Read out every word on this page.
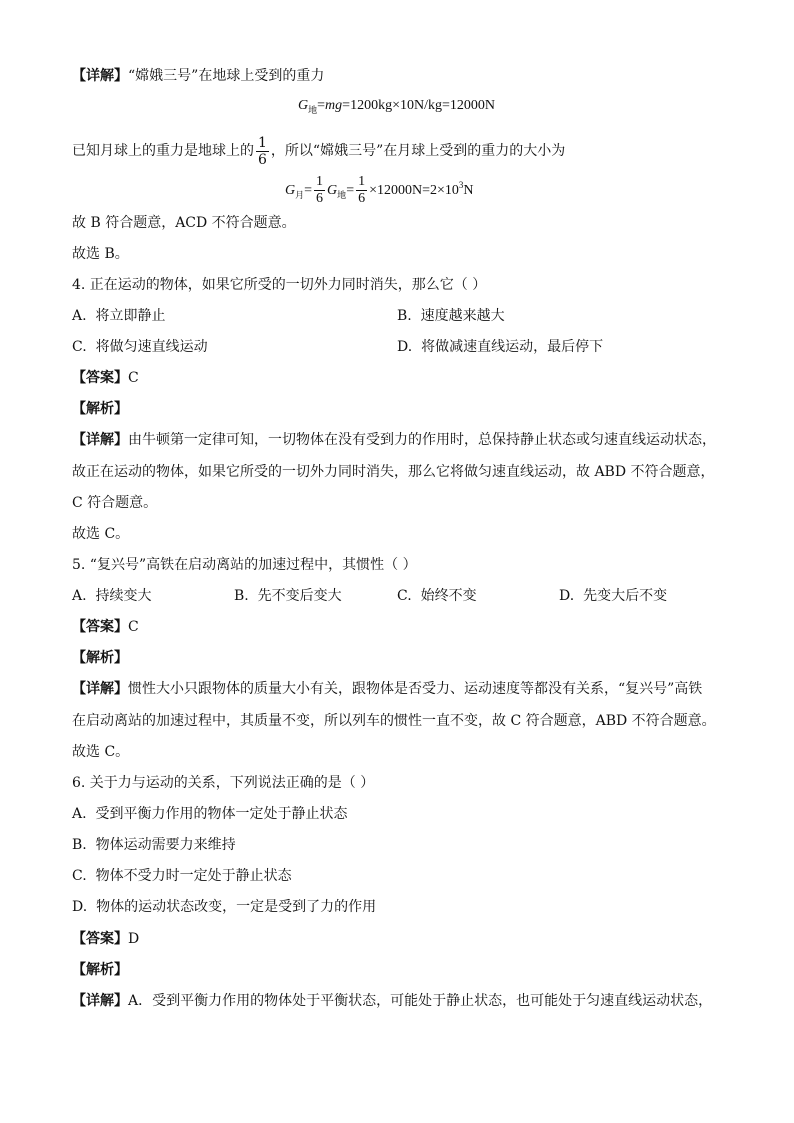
【详解】“嫦娥三号”在地球上受到的重力
$G_地=mg=1200kg\times 10N/kg=12000N$
已知月球上的重力是地球上的 $\frac{1}{6}$ ，所以“嫦娥三号”在月球上受到的重力的大小为
$G_月= \frac{1}{6} G_地= \frac{1}{6} \times 12000N=2\times 10^3N$
故 B 符合题意，ACD 不符合题意。
故选 B。
4. 正在运动的物体，如果它所受的一切外力同时消失，那么它（ ）
A. 将立即静止	B. 速度越来越大
C. 将做匀速直线运动	D. 将做减速直线运动，最后停下
【答案】C
【解析】
【详解】由牛顿第一定律可知，一切物体在没有受到力的作用时，总保持静止状态或匀速直线运动状态，
故正在运动的物体，如果它所受的一切外力同时消失，那么它将做匀速直线运动，故 ABD 不符合题意，
C 符合题意。
故选 C。
5. “复兴号”高铁在启动离站的加速过程中，其惯性（ ）
A. 持续变大	B. 先不变后变大	C. 始终不变	D. 先变大后不变
【答案】C
【解析】
【详解】惯性大小只跟物体的质量大小有关，跟物体是否受力、运动速度等都没有关系，“复兴号”高铁
在启动离站的加速过程中，其质量不变，所以列车的惯性一直不变，故 C 符合题意，ABD 不符合题意。
故选 C。
6. 关于力与运动的关系，下列说法正确的是（ ）
A. 受到平衡力作用的物体一定处于静止状态
B. 物体运动需要力来维持
C. 物体不受力时一定处于静止状态
D. 物体的运动状态改变，一定是受到了力的作用
【答案】D
【解析】
【详解】A．受到平衡力作用的物体处于平衡状态，可能处于静止状态，也可能处于匀速直线运动状态，
